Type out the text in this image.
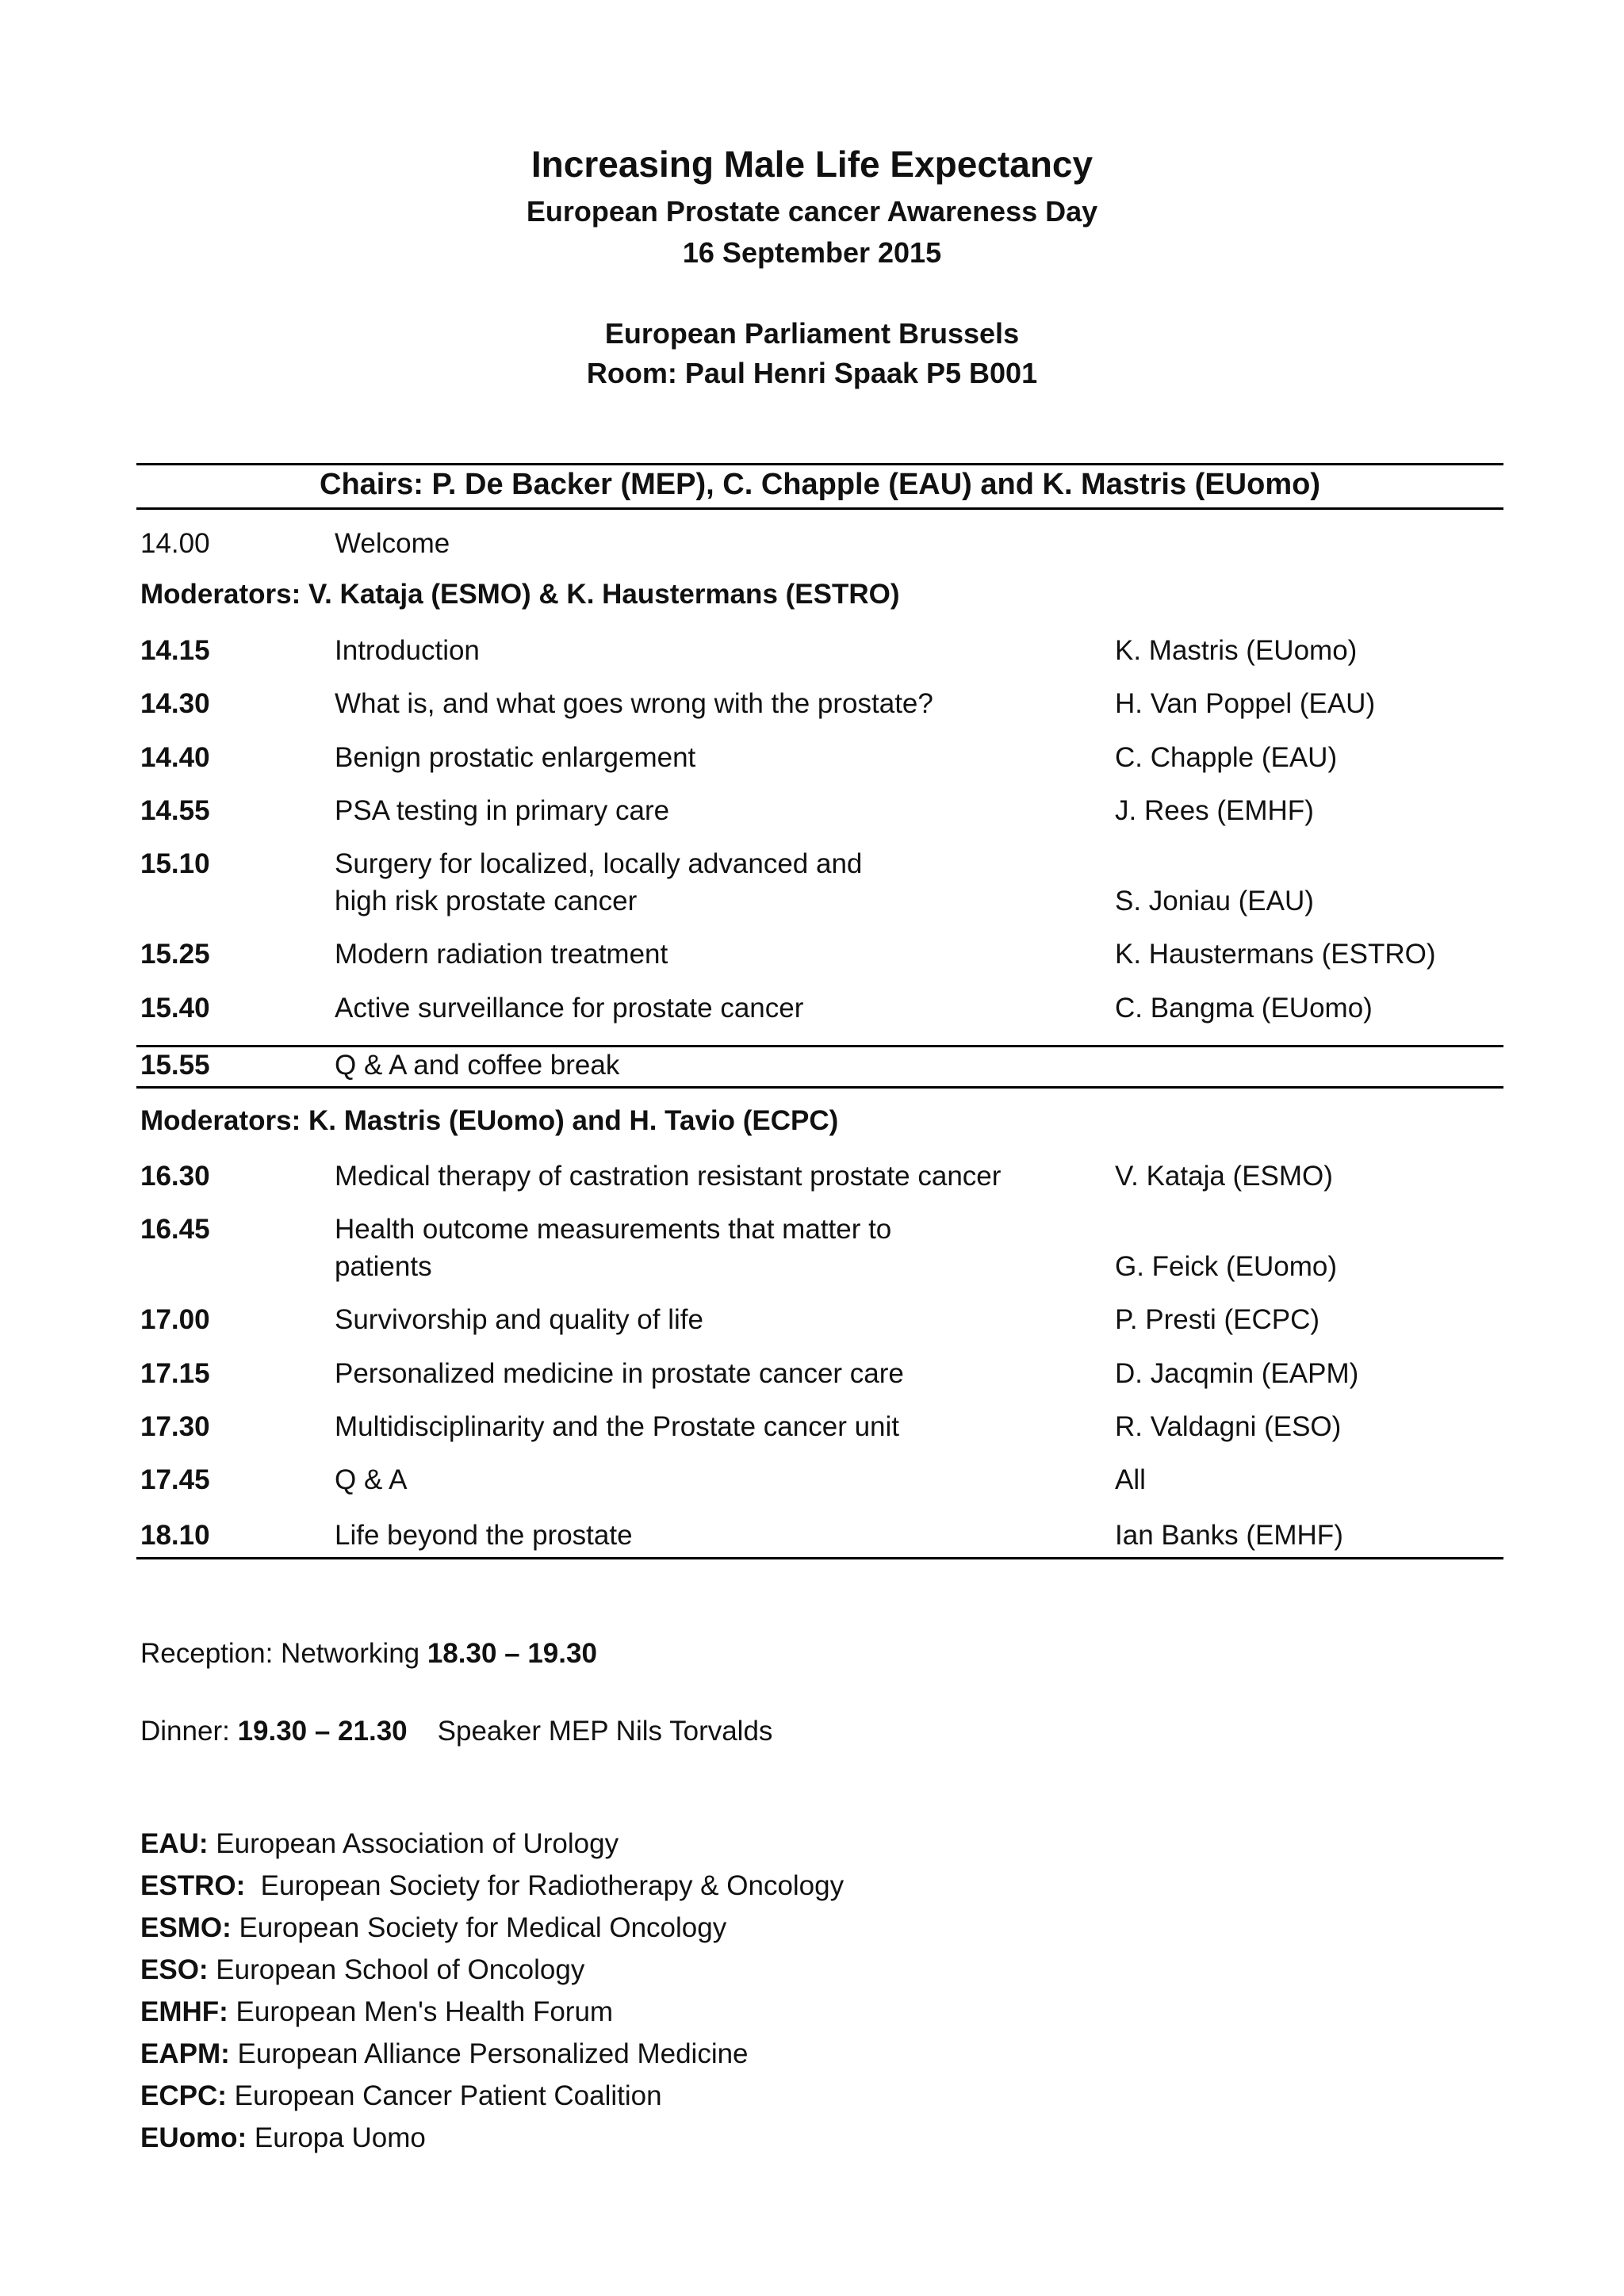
Increasing Male Life Expectancy
European Prostate cancer Awareness Day
16 September 2015
European Parliament Brussels
Room: Paul Henri Spaak P5 B001
Chairs: P. De Backer (MEP), C. Chapple (EAU) and K. Mastris (EUomo)
14.00	Welcome
Moderators: V. Kataja (ESMO) & K. Haustermans (ESTRO)
14.15	Introduction	K. Mastris (EUomo)
14.30	What is, and what goes wrong with the prostate?	H. Van Poppel (EAU)
14.40	Benign prostatic enlargement	C. Chapple (EAU)
14.55	PSA testing in primary care	J. Rees (EMHF)
15.10	Surgery for localized, locally advanced and
high risk prostate cancer	S. Joniau (EAU)
15.25	Modern radiation treatment	K. Haustermans (ESTRO)
15.40	Active surveillance for prostate cancer	C. Bangma (EUomo)
15.55	Q & A and coffee break
Moderators: K. Mastris (EUomo) and H. Tavio (ECPC)
16.30	Medical therapy of castration resistant prostate cancer	V. Kataja (ESMO)
16.45	Health outcome measurements that matter to
patients	G. Feick (EUomo)
17.00	Survivorship and quality of life	P. Presti (ECPC)
17.15	Personalized medicine in prostate cancer care	D. Jacqmin (EAPM)
17.30	Multidisciplinarity and the Prostate cancer unit	R. Valdagni (ESO)
17.45	Q & A	All
18.10	Life beyond the prostate	Ian Banks (EMHF)
Reception: Networking 18.30 – 19.30
Dinner: 19.30 – 21.30 Speaker MEP Nils Torvalds
EAU: European Association of Urology
ESTRO:  European Society for Radiotherapy & Oncology
ESMO: European Society for Medical Oncology
ESO: European School of Oncology
EMHF: European Men's Health Forum
EAPM: European Alliance Personalized Medicine
ECPC: European Cancer Patient Coalition
EUomo: Europa Uomo
